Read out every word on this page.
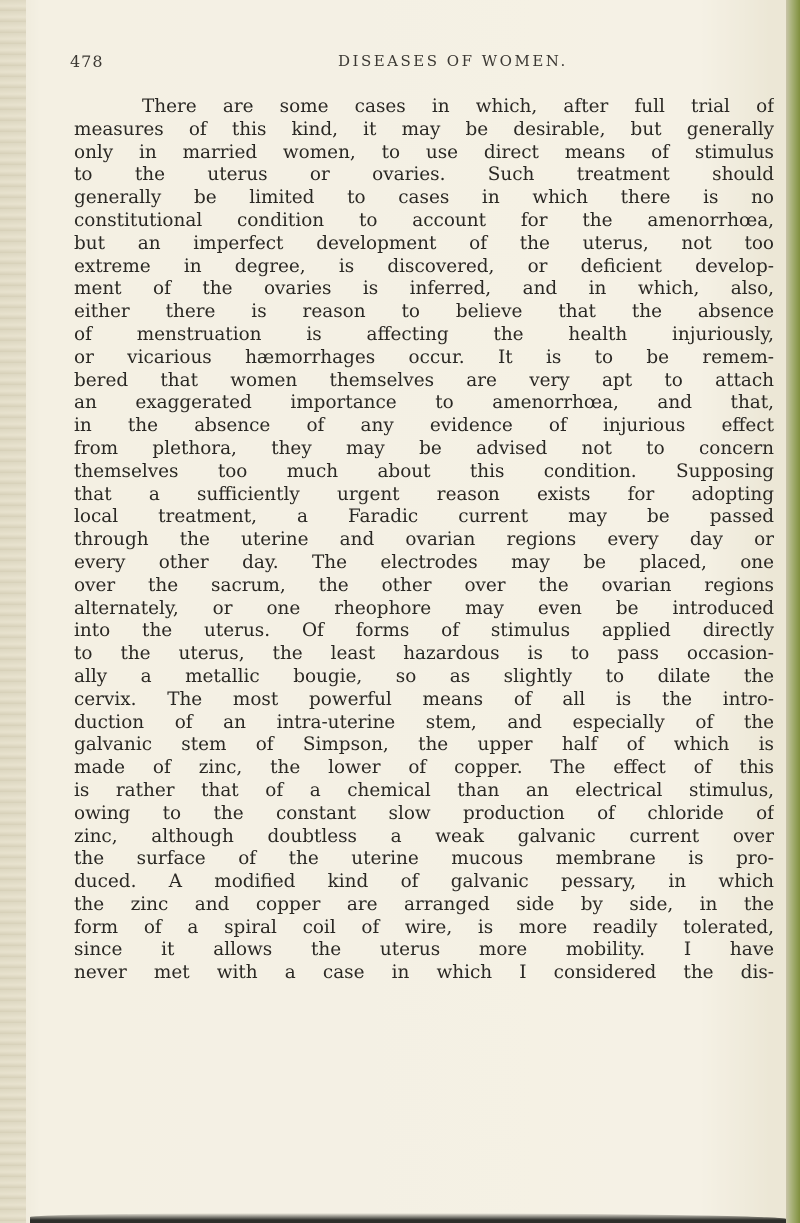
478	DISEASES OF WOMEN.
There are some cases in which, after full trial of
measures of this kind, it may be desirable, but generally
only in married women, to use direct means of stimulus
to the uterus or ovaries. Such treatment should
generally be limited to cases in which there is no
constitutional condition to account for the amenorrhœa,
but an imperfect development of the uterus, not too
extreme in degree, is discovered, or deficient develop-
ment of the ovaries is inferred, and in which, also,
either there is reason to believe that the absence
of menstruation is affecting the health injuriously,
or vicarious hæmorrhages occur. It is to be remem-
bered that women themselves are very apt to attach
an exaggerated importance to amenorrhœa, and that,
in the absence of any evidence of injurious effect
from plethora, they may be advised not to concern
themselves too much about this condition. Supposing
that a sufficiently urgent reason exists for adopting
local treatment, a Faradic current may be passed
through the uterine and ovarian regions every day or
every other day. The electrodes may be placed, one
over the sacrum, the other over the ovarian regions
alternately, or one rheophore may even be introduced
into the uterus. Of forms of stimulus applied directly
to the uterus, the least hazardous is to pass occasion-
ally a metallic bougie, so as slightly to dilate the
cervix. The most powerful means of all is the intro-
duction of an intra-uterine stem, and especially of the
galvanic stem of Simpson, the upper half of which is
made of zinc, the lower of copper. The effect of this
is rather that of a chemical than an electrical stimulus,
owing to the constant slow production of chloride of
zinc, although doubtless a weak galvanic current over
the surface of the uterine mucous membrane is pro-
duced. A modified kind of galvanic pessary, in which
the zinc and copper are arranged side by side, in the
form of a spiral coil of wire, is more readily tolerated,
since it allows the uterus more mobility. I have
never met with a case in which I considered the dis-
